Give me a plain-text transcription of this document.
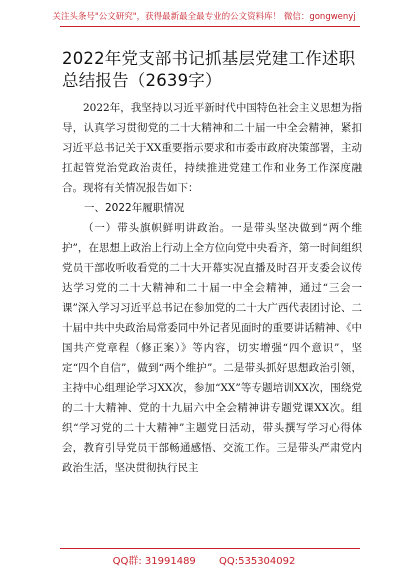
关注头条号"公文研究"，获得最新最全最专业的公文资料库！ 微信：gongwenyj
2022年党支部书记抓基层党建工作述职总结报告（2639字）

2022年，我坚持以习近平新时代中国特色社会主义思想为指导，认真学习贯彻党的二十大精神和二十届一中全会精神，紧扣习近平总书记关于XX重要指示要求和市委市政府决策部署，主动扛起管党治党政治责任，持续推进党建工作和业务工作深度融合。现将有关情况报告如下：

一、2022年履职情况

（一）带头旗帜鲜明讲政治。一是带头坚决做到“两个维护”，在思想上政治上行动上全方位向党中央看齐，第一时间组织党员干部收听收看党的二十大开幕实况直播及时召开支委会议传达学习党的二十大精神和二十届一中全会精神，通过“三会一课”深入学习习近平总书记在参加党的二十大广西代表团讨论、二十届中共中央政治局常委同中外记者见面时的重要讲话精神、《中国共产党章程（修正案）》等内容，切实增强“四个意识”，坚定“四个自信”，做到“两个维护”。二是带头抓好思想政治引领，主持中心组理论学习XX次，参加“XX”等专题培训XX次，围绕党的二十大精神、党的十九届六中全会精神讲专题党课XX次。组织“学习党的二十大精神”主题党日活动，带头撰写学习心得体会，教育引导党员干部畅通感悟、交流工作。三是带头严肃党内政治生活，坚决贯彻执行民主

QQ群: 31991489 QQ:535304092
